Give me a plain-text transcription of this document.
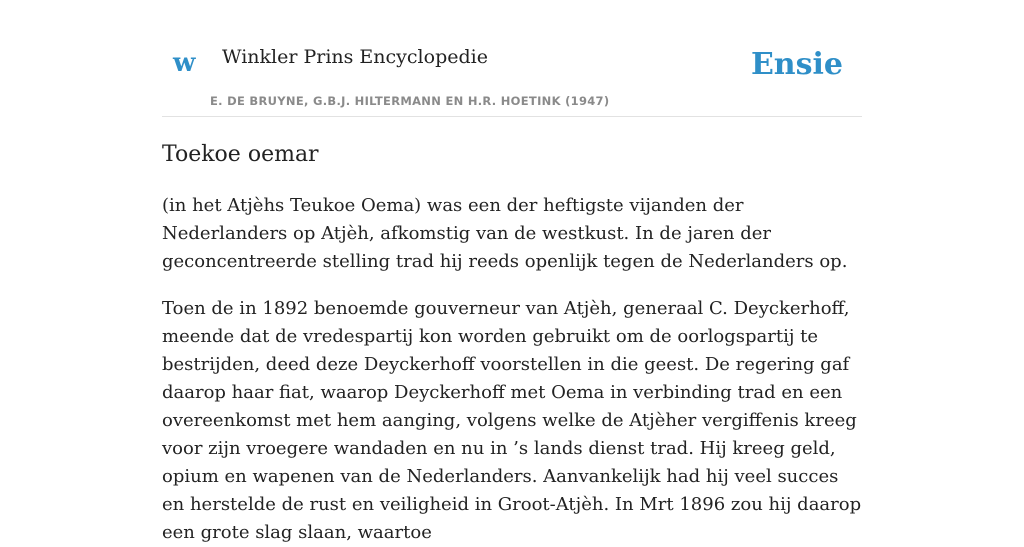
w Winkler Prins Encyclopedie
E. DE BRUYNE, G.B.J. HILTERMANN EN H.R. HOETINK (1947)
Ensie
Toekoe oemar

(in het Atjèhs Teukoe Oema) was een der heftigste vijanden der Nederlanders op Atjèh, afkomstig van de westkust. In de jaren der geconcentreerde stelling trad hij reeds openlijk tegen de Nederlanders op.

Toen de in 1892 benoemde gouverneur van Atjèh, generaal C. Deyckerhoff, meende dat de vredespartij kon worden gebruikt om de oorlogspartij te bestrijden, deed deze Deyckerhoff voorstellen in die geest. De regering gaf daarop haar fiat, waarop Deyckerhoff met Oema in verbinding trad en een overeenkomst met hem aanging, volgens welke de Atjèher vergiffenis kreeg voor zijn vroegere wandaden en nu in ’s lands dienst trad. Hij kreeg geld, opium en wapenen van de Nederlanders. Aanvankelijk had hij veel succes en herstelde de rust en veiligheid in Groot-Atjèh. In Mrt 1896 zou hij daarop een grote slag slaan, waartoe
